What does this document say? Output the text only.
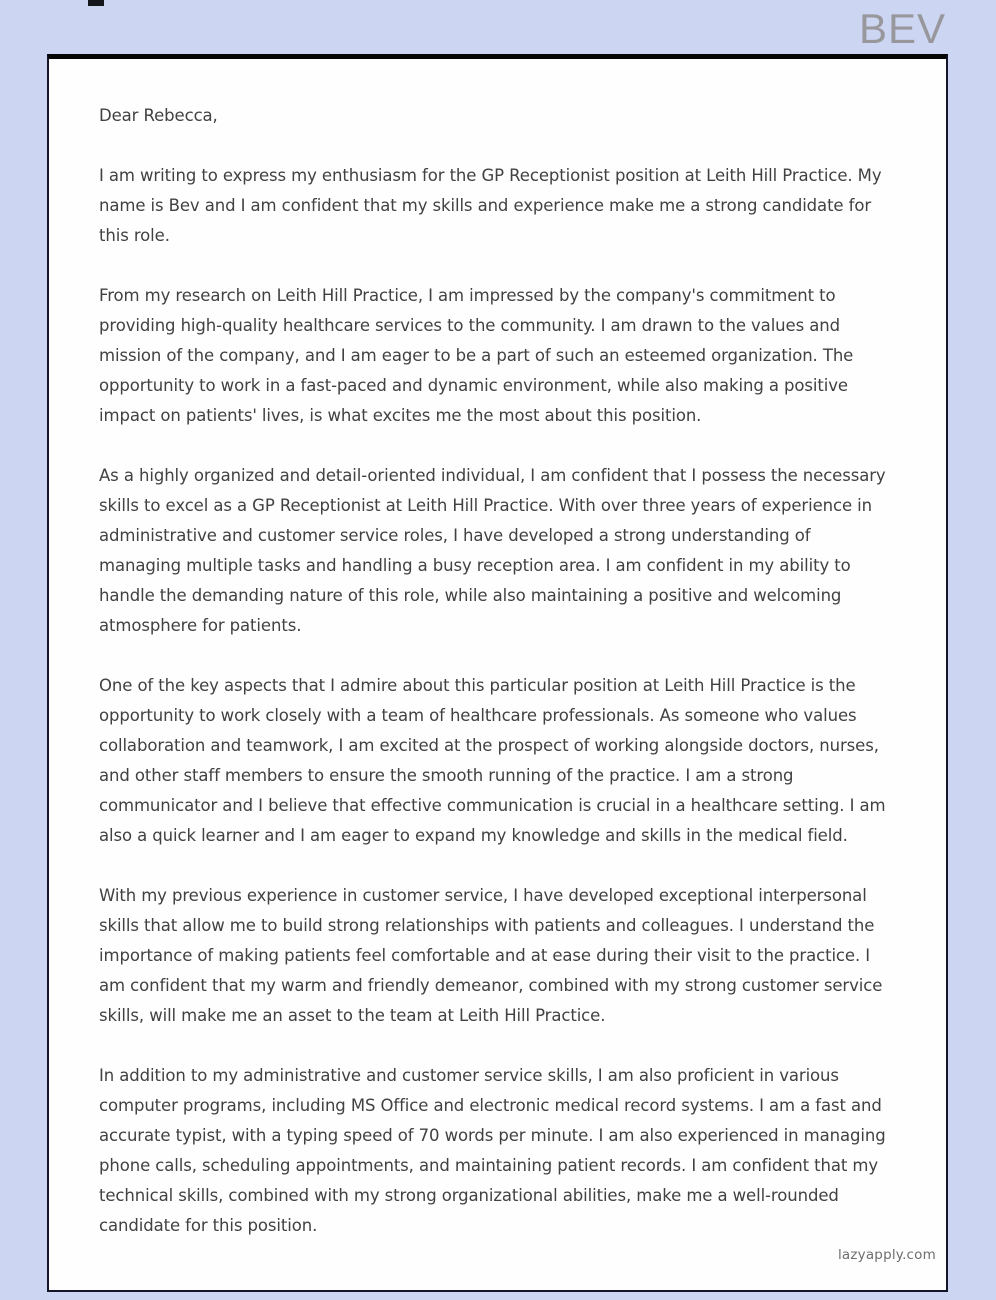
BEV

Dear Rebecca,

I am writing to express my enthusiasm for the GP Receptionist position at Leith Hill Practice. My name is Bev and I am confident that my skills and experience make me a strong candidate for this role.

From my research on Leith Hill Practice, I am impressed by the company's commitment to providing high-quality healthcare services to the community. I am drawn to the values and mission of the company, and I am eager to be a part of such an esteemed organization. The opportunity to work in a fast-paced and dynamic environment, while also making a positive impact on patients' lives, is what excites me the most about this position.

As a highly organized and detail-oriented individual, I am confident that I possess the necessary skills to excel as a GP Receptionist at Leith Hill Practice. With over three years of experience in administrative and customer service roles, I have developed a strong understanding of managing multiple tasks and handling a busy reception area. I am confident in my ability to handle the demanding nature of this role, while also maintaining a positive and welcoming atmosphere for patients.

One of the key aspects that I admire about this particular position at Leith Hill Practice is the opportunity to work closely with a team of healthcare professionals. As someone who values collaboration and teamwork, I am excited at the prospect of working alongside doctors, nurses, and other staff members to ensure the smooth running of the practice. I am a strong communicator and I believe that effective communication is crucial in a healthcare setting. I am also a quick learner and I am eager to expand my knowledge and skills in the medical field.

With my previous experience in customer service, I have developed exceptional interpersonal skills that allow me to build strong relationships with patients and colleagues. I understand the importance of making patients feel comfortable and at ease during their visit to the practice. I am confident that my warm and friendly demeanor, combined with my strong customer service skills, will make me an asset to the team at Leith Hill Practice.

In addition to my administrative and customer service skills, I am also proficient in various computer programs, including MS Office and electronic medical record systems. I am a fast and accurate typist, with a typing speed of 70 words per minute. I am also experienced in managing phone calls, scheduling appointments, and maintaining patient records. I am confident that my technical skills, combined with my strong organizational abilities, make me a well-rounded candidate for this position.

lazyapply.com
